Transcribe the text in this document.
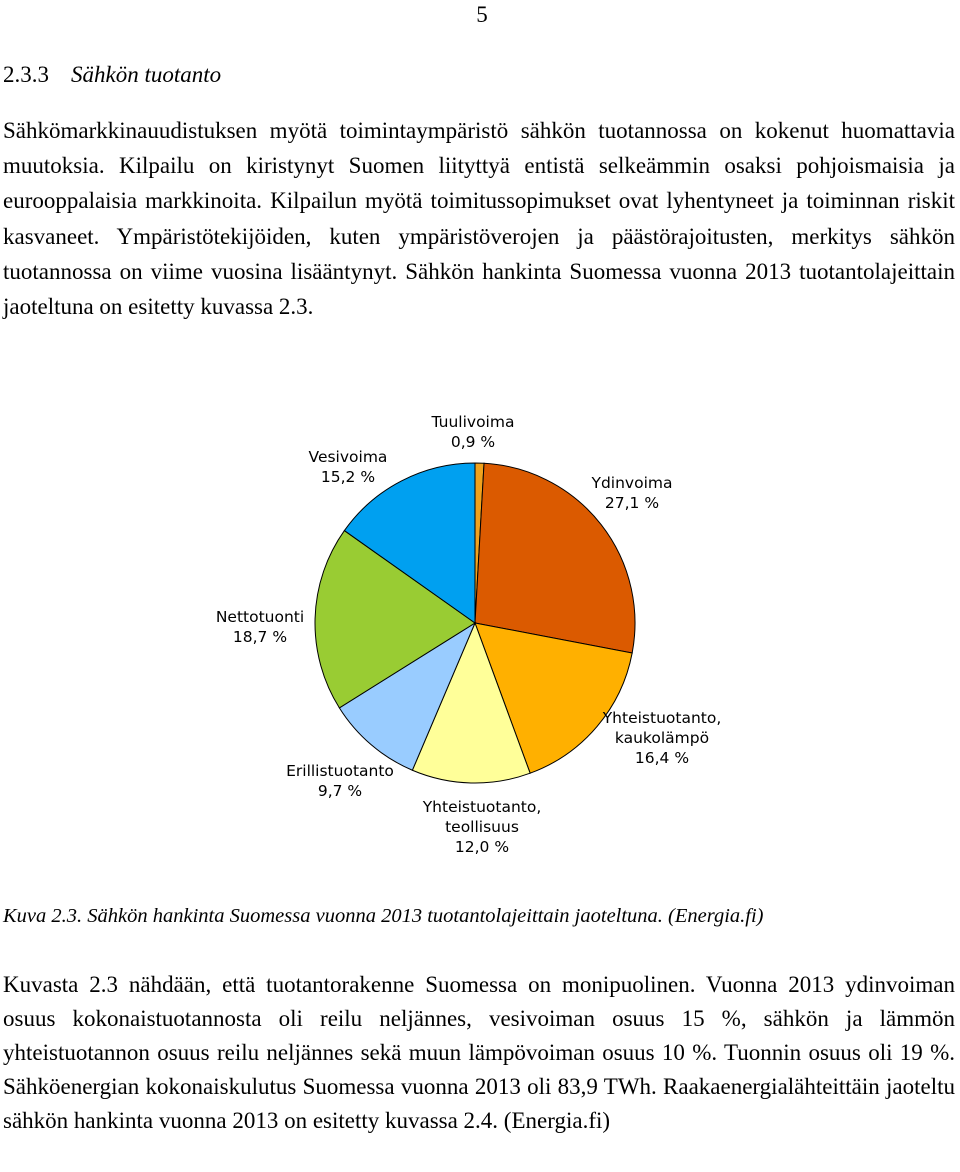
5
2.3.3 Sähkön tuotanto

Sähkömarkkinauudistuksen myötä toimintaympäristö sähkön tuotannossa on kokenut huomattavia muutoksia. Kilpailu on kiristynyt Suomen liityttyä entistä selkeämmin osaksi pohjoismaisia ja eurooppalaisia markkinoita. Kilpailun myötä toimitussopimukset ovat lyhentyneet ja toiminnan riskit kasvaneet. Ympäristötekijöiden, kuten ympäristöverojen ja päästörajoitusten, merkitys sähkön tuotannossa on viime vuosina lisääntynyt. Sähkön hankinta Suomessa vuonna 2013 tuotantolajeittain jaoteltuna on esitetty kuvassa 2.3.

Tuulivoima 0,9 %
Ydinvoima 27,1 %
Yhteistuotanto, kaukolämpö 16,4 %
Yhteistuotanto, teollisuus 12,0 %
Erillistuotanto 9,7 %
Nettotuonti 18,7 %
Vesivoima 15,2 %

Kuva 2.3. Sähkön hankinta Suomessa vuonna 2013 tuotantolajeittain jaoteltuna. (Energia.fi)

Kuvasta 2.3 nähdään, että tuotantorakenne Suomessa on monipuolinen. Vuonna 2013 ydinvoiman osuus kokonaistuotannosta oli reilu neljännes, vesivoiman osuus 15 %, sähkön ja lämmön yhteistuotannon osuus reilu neljännes sekä muun lämpövoiman osuus 10 %. Tuonnin osuus oli 19 %. Sähköenergian kokonaiskulutus Suomessa vuonna 2013 oli 83,9 TWh. Raakaenergialähteittäin jaoteltu sähkön hankinta vuonna 2013 on esitetty kuvassa 2.4. (Energia.fi)
